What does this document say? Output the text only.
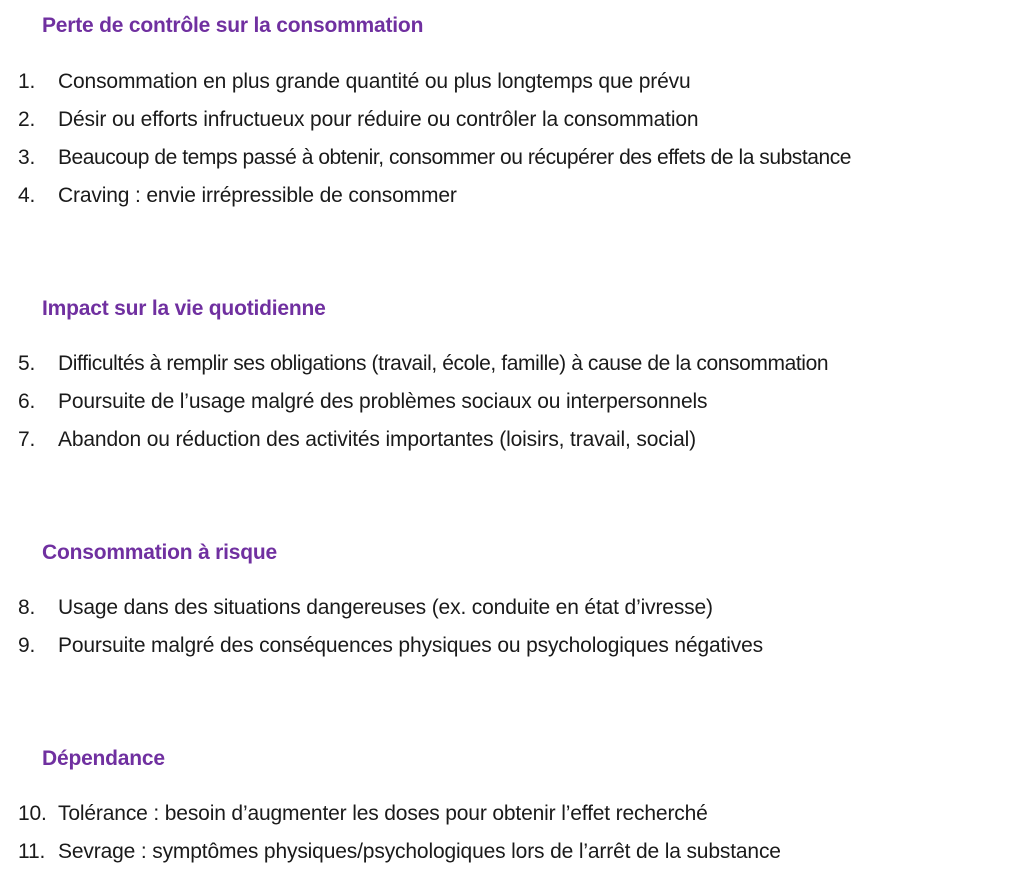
Perte de contrôle sur la consommation
1. Consommation en plus grande quantité ou plus longtemps que prévu
2. Désir ou efforts infructueux pour réduire ou contrôler la consommation
3. Beaucoup de temps passé à obtenir, consommer ou récupérer des effets de la substance
4. Craving : envie irrépressible de consommer
Impact sur la vie quotidienne
5. Difficultés à remplir ses obligations (travail, école, famille) à cause de la consommation
6. Poursuite de l’usage malgré des problèmes sociaux ou interpersonnels
7. Abandon ou réduction des activités importantes (loisirs, travail, social)
Consommation à risque
8. Usage dans des situations dangereuses (ex. conduite en état d’ivresse)
9. Poursuite malgré des conséquences physiques ou psychologiques négatives
Dépendance
10. Tolérance : besoin d’augmenter les doses pour obtenir l’effet recherché
11. Sevrage : symptômes physiques/psychologiques lors de l’arrêt de la substance
